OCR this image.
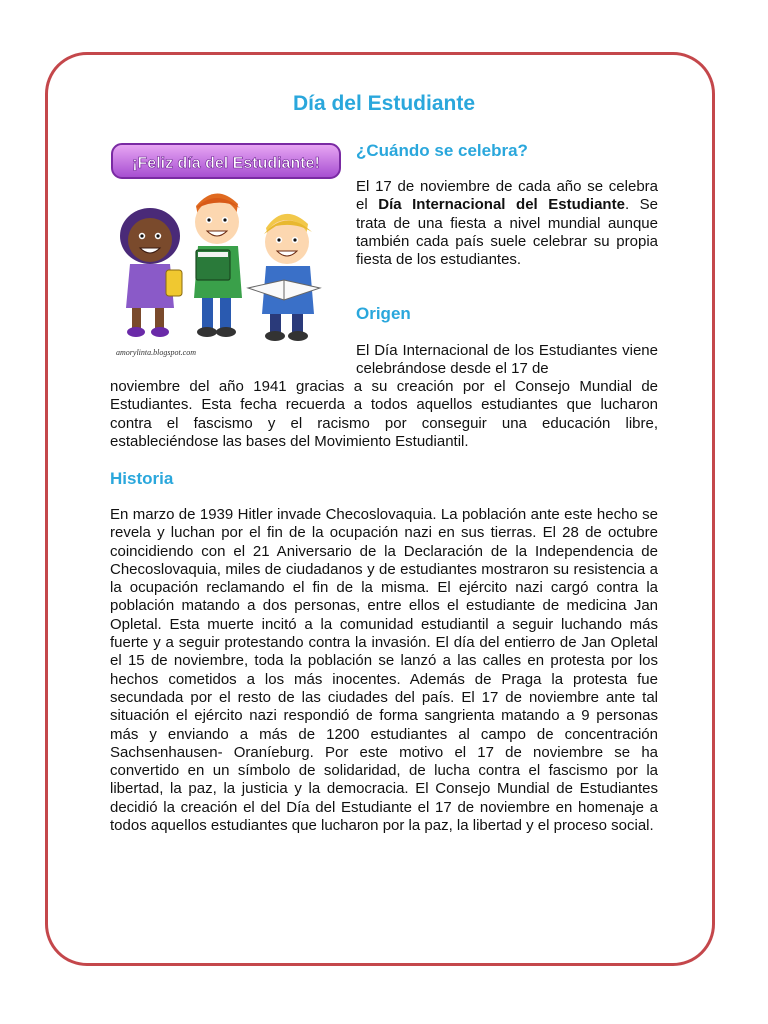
Día del Estudiante
¡Feliz día del Estudiante!
amorylinta.blogspot.com
¿Cuándo se celebra?

El 17 de noviembre de cada año se celebra el Día Internacional del Estudiante. Se trata de una fiesta a nivel mundial aunque también cada país suele celebrar su propia fiesta de los estudiantes.

Origen

El Día Internacional de los Estudiantes viene celebrándose desde el 17 de

noviembre del año 1941 gracias a su creación por el Consejo Mundial de Estudiantes. Esta fecha recuerda a todos aquellos estudiantes que lucharon contra el fascismo y el racismo por conseguir una educación libre, estableciéndose las bases del Movimiento Estudiantil.

Historia

En marzo de 1939 Hitler invade Checoslovaquia. La población ante este hecho se revela y luchan por el fin de la ocupación nazi en sus tierras. El 28 de octubre coincidiendo con el 21 Aniversario de la Declaración de la Independencia de Checoslovaquia, miles de ciudadanos y de estudiantes mostraron su resistencia a la ocupación reclamando el fin de la misma. El ejército nazi cargó contra la población matando a dos personas, entre ellos el estudiante de medicina Jan Opletal. Esta muerte incitó a la comunidad estudiantil a seguir luchando más fuerte y a seguir protestando contra la invasión. El día del entierro de Jan Opletal el 15 de noviembre, toda la población se lanzó a las calles en protesta por los hechos cometidos a los más inocentes. Además de Praga la protesta fue secundada por el resto de las ciudades del país. El 17 de noviembre ante tal situación el ejército nazi respondió de forma sangrienta matando a 9 personas más y enviando a más de 1200 estudiantes al campo de concentración Sachsenhausen- Oraníeburg. Por este motivo el 17 de noviembre se ha convertido en un símbolo de solidaridad, de lucha contra el fascismo por la libertad, la paz, la justicia y la democracia. El Consejo Mundial de Estudiantes decidió la creación el del Día del Estudiante el 17 de noviembre en homenaje a todos aquellos estudiantes que lucharon por la paz, la libertad y el proceso social.
